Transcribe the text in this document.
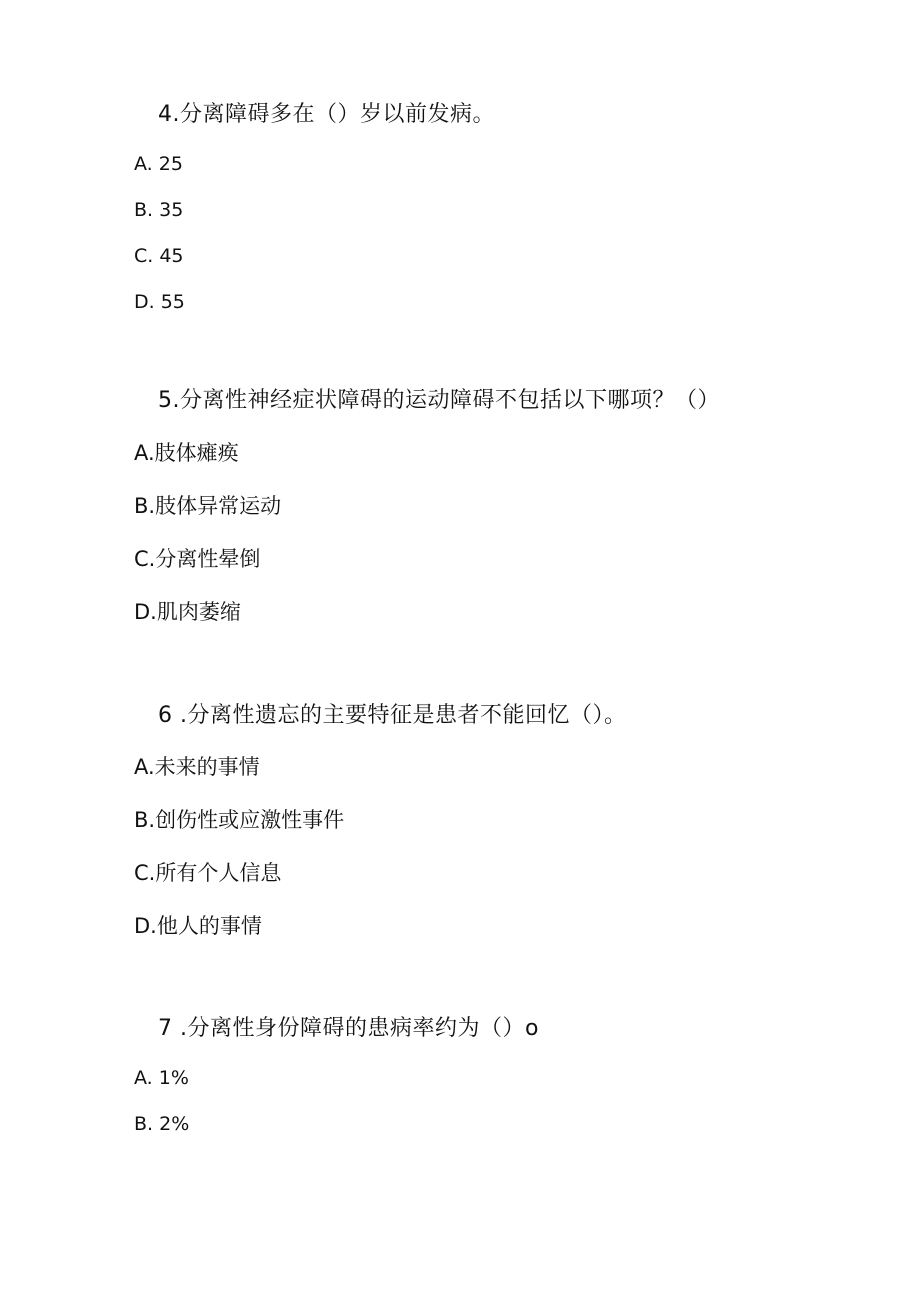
4.分离障碍多在（）岁以前发病。
A. 25
B. 35
C. 45
D. 55
5.分离性神经症状障碍的运动障碍不包括以下哪项？（）
A.肢体瘫痪
B.肢体异常运动
C.分离性晕倒
D.肌肉萎缩
6 .分离性遗忘的主要特征是患者不能回忆（）。
A.未来的事情
B.创伤性或应激性事件
C.所有个人信息
D.他人的事情
7 .分离性身份障碍的患病率约为（）o
A. 1%
B. 2%
